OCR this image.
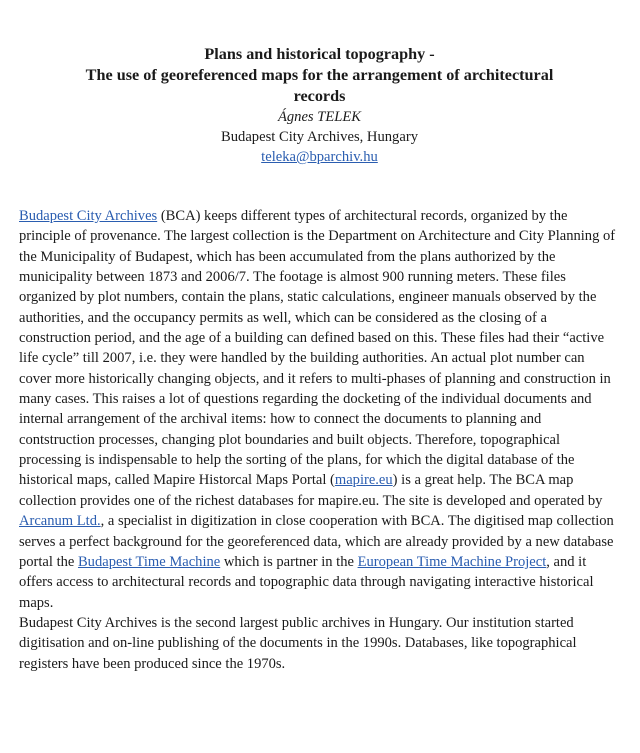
Plans and historical topography -

The use of georeferenced maps for the arrangement of architectural

records

Ágnes TELEK

Budapest City Archives, Hungary

teleka@bparchiv.hu

Budapest City Archives (BCA) keeps different types of architectural records, organized by the principle of provenance. The largest collection is the Department on Architecture and City Planning of the Municipality of Budapest, which has been accumulated from the plans authorized by the municipality between 1873 and 2006/7. The footage is almost 900 running meters. These files organized by plot numbers, contain the plans, static calculations, engineer manuals observed by the authorities, and the occupancy permits as well, which can be considered as the closing of a construction period, and the age of a building can defined based on this. These files had their “active life cycle” till 2007, i.e. they were handled by the building authorities. An actual plot number can cover more historically changing objects, and it refers to multi-phases of planning and construction in many cases. This raises a lot of questions regarding the docketing of the individual documents and internal arrangement of the archival items: how to connect the documents to planning and contstruction processes, changing plot boundaries and built objects. Therefore, topographical processing is indispensable to help the sorting of the plans, for which the digital database of the historical maps, called Mapire Historcal Maps Portal (mapire.eu) is a great help. The BCA map collection provides one of the richest databases for mapire.eu. The site is developed and operated by Arcanum Ltd., a specialist in digitization in close cooperation with BCA. The digitised map collection serves a perfect background for the georeferenced data, which are already provided by a new database portal the Budapest Time Machine which is partner in the European Time Machine Project, and it offers access to architectural records and topographic data through navigating interactive historical maps.

Budapest City Archives is the second largest public archives in Hungary. Our institution started digitisation and on-line publishing of the documents in the 1990s. Databases, like topographical registers have been produced since the 1970s.
